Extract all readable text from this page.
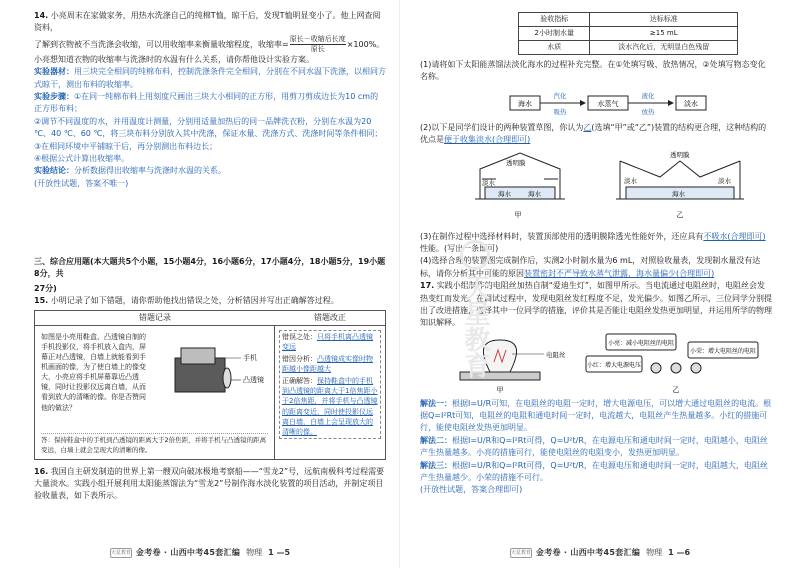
14. 小亮周末在家做家务，用热水洗涤自己的纯棉T恤，晾干后，发现T恤明显变小了。他上网查阅资料，

了解到衣物被不当洗涤会收缩，可以用收缩率来衡量收缩程度，收缩率=
原长－收缩后长度
原长	×100%。

小亮想知道衣物的收缩率与洗涤时的水温有什么关系，请你帮他设计实验方案。

实验器材：用三块完全相同的纯棉布料，控制洗涤条件完全相同，分别在不同水温下洗涤，以相同方式晾干，测出布料的收缩率。

实验步骤：①在同一纯棉布料上用刻度尺画出三块大小相同的正方形，用剪刀剪成边长为10 cm的正方形布料；

②调节不同温度的水，并用温度计测量，分别用适量加热后的同一品牌洗衣粉，分别在水温为20 ℃、40 ℃、60 ℃，将三块布料分别放入其中洗涤，保证水量、洗涤方式、洗涤时间等条件相同；

③在相同环境中平铺晾干后，再分别测出布料边长；

④根据公式计算出收缩率。

实验结论：分析数据得出收缩率与洗涤时水温的关系。

(开放性试题，答案不唯一)

三、综合应用题(本大题共5个小题，15小题4分，16小题6分，17小题4分，18小题5分，19小题8分，共

27分)

15. 小明记录了如下错题，请你帮助他找出错误之处，分析错因并写出正确解答过程。

错题记录	错题改正
如图是小亮用鞋盒、凸透镜自制的手机投影仪，将手机放入盒内，屏幕正对凸透镜，白墙上就能看到手机画面的像，为了使白墙上的像变大，小亮应将手机屏幕靠近凸透镜，同时让投影仪远离白墙，从而看到放大的清晰的像。你是否赞同他的做法？
手机
凸透镜
答：保持鞋盒中的手机到凸透镜的距离大于2倍焦距，并将手机与凸透镜的距离变远，白墙上就会呈现大的清晰的像。

错误之处：只将手机离凸透镜变远

错因分析：凸透镜成实像时物距越小像距越大

正确解答：保持鞋盒中的手机到凸透镜的距离大于1倍焦距小于2倍焦距，并将手机与凸透镜的距离变近，同时使投影仪远离白墙，白墙上会呈现放大的清晰的像。

16. 我国自主研发制造的世界上第一艘双向破冰极地考察船——“雪龙2”号，远航南极科考过程需要大量淡水。实践小组开展利用太阳能蒸馏法为“雪龙2”号制作海水淡化装置的项目活动，并制定项目验收量表，如下表所示。

天星教育 金考卷 · 山西中考45套汇编 物理 1 —5
验收指标	达标标准
2小时制水量	≥15 mL
水质	淡水汽化后，无明显白色残留

(1)请将如下太阳能蒸馏法淡化海水的过程补充完整。在①处填写吸、放热情况，②处填写物态变化名称。

海水
汽化
吸热
水蒸气
液化
放热
淡水

(2)以下是同学们设计的两种装置草图，你认为乙(选填“甲”或“乙”)装置的结构更合理，这种结构的优点是便于收集淡水(合理即可)

透明膜
海水
淡水
海水
甲
透明膜
淡水	淡水
海水
乙

(3)在制作过程中选择材料时，装置顶部使用的透明膜除透光性能好外，还应具有不吸水(合理即可)性能。(写出一条即可)

(4)选择合理的装置图完成制作后，实测2小时制水量为6 mL，对照验收量表，发现制水量没有达标，请你分析其中可能的原因装置密封不严导致水蒸气泄露，海水量偏少(合理即可)

17. 实践小组制作的电阻丝加热自制“爱迪生灯”，如图甲所示。当电流通过电阻丝时，电阻丝会发热变红而发光。在调试过程中，发现电阻丝发红程度不足，发光偏少。如图乙所示，三位同学分别提出了改进措施，选择其中一位同学的措施，评价其是否能让电阻丝发热更加明显，并运用所学的物理知识解释。

电阻丝
甲
小亮：减小电阻丝的电阻
小红：增大电源电压
小荣：增大电阻丝的电阻
乙

解法一：根据I=U/R可知，在电阻丝的电阻一定时，增大电源电压，可以增大通过电阻丝的电流。根据Q=I²Rt可知，电阻丝的电阻和通电时间一定时，电流越大，电阻丝产生热量越多。小红的措施可行，能使电阻丝发热更加明显。

解法二：根据I=U/R和Q=I²Rt可得，Q=U²t/R，在电源电压和通电时间一定时，电阻越小，电阻丝产生热量越多。小亮的措施可行，能使电阻丝的电阻变小，发热更加明显。

解法三：根据I=U/R和Q=I²Rt可得，Q=U²t/R，在电源电压和通电时间一定时，电阻越大，电阻丝产生热量越少。小荣的措施不可行。

(开放性试题，答案合理即可)

天星教育 金考卷 · 山西中考45套汇编 物理 1 —6
天星教育
